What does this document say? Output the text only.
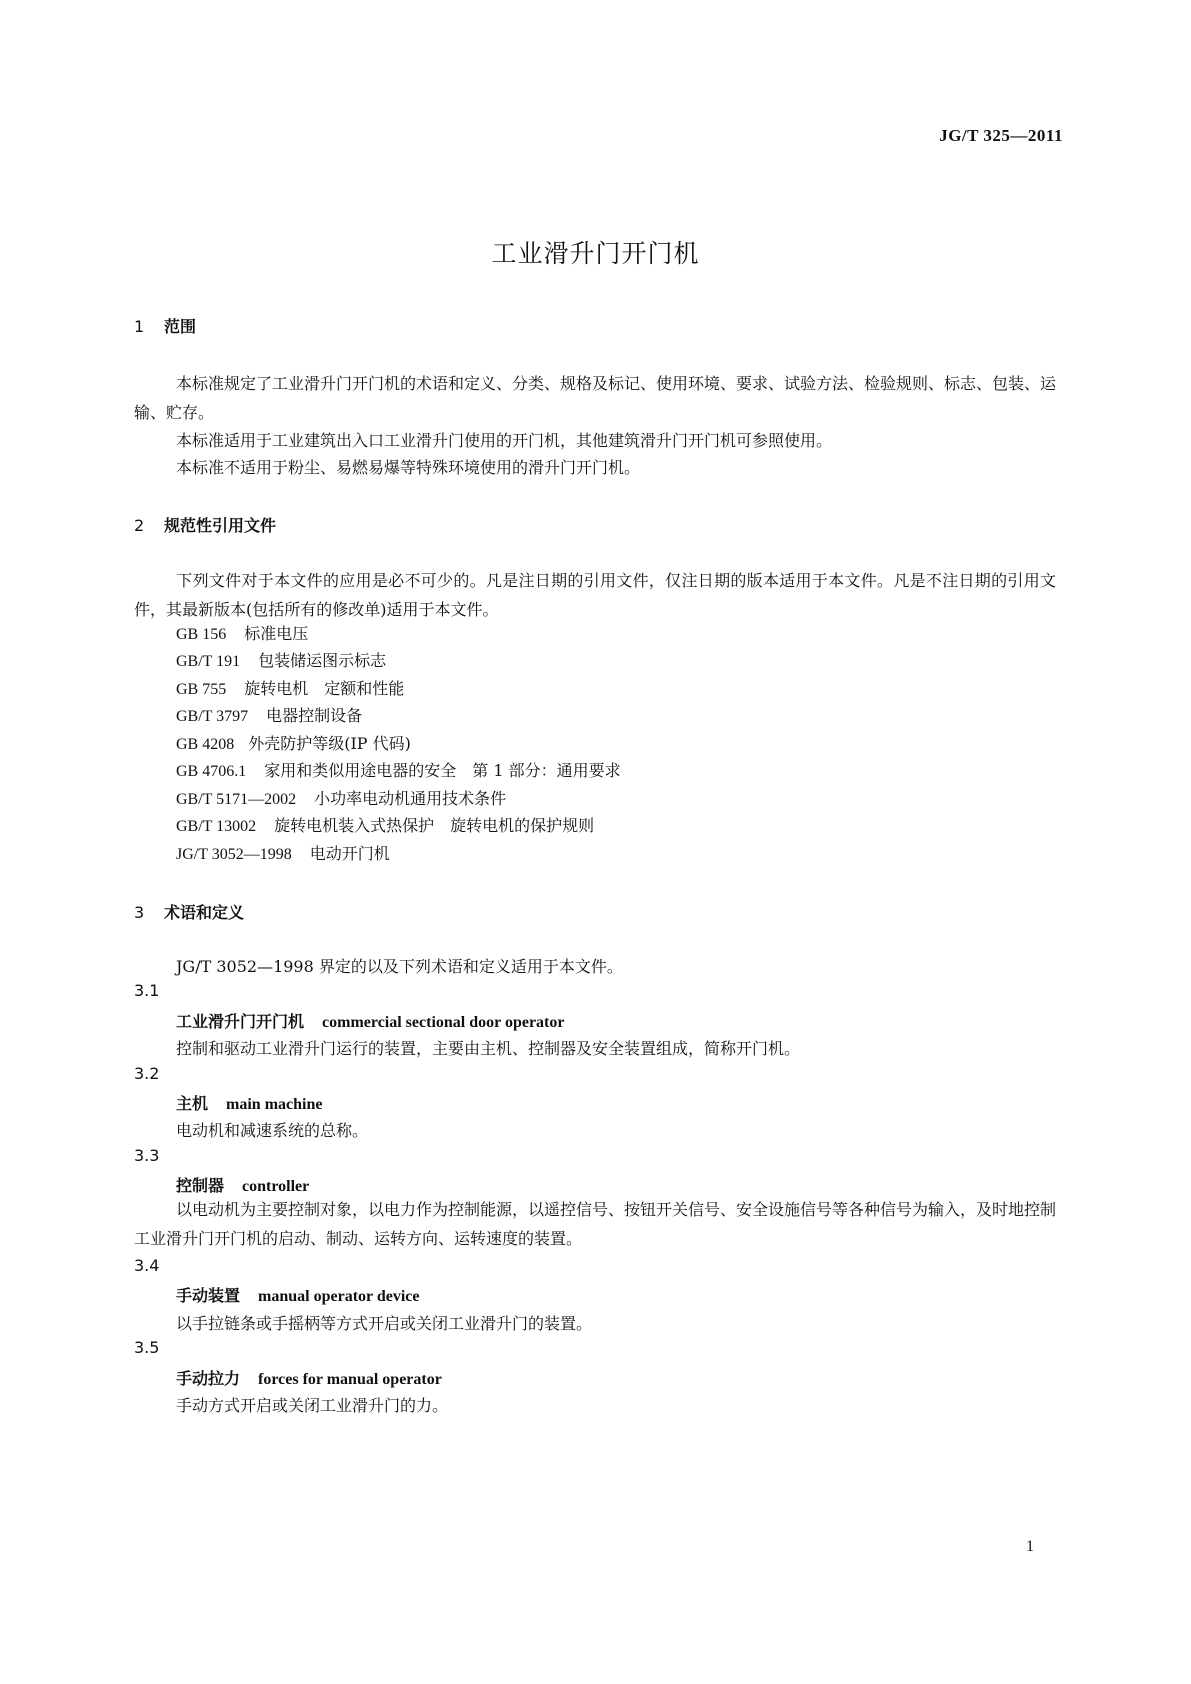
JG/T 325—2011
工业滑升门开门机
1 范围
本标准规定了工业滑升门开门机的术语和定义、分类、规格及标记、使用环境、要求、试验方法、检验规则、标志、包装、运输、贮存。
本标准适用于工业建筑出入口工业滑升门使用的开门机，其他建筑滑升门开门机可参照使用。
本标准不适用于粉尘、易燃易爆等特殊环境使用的滑升门开门机。
2 规范性引用文件
下列文件对于本文件的应用是必不可少的。凡是注日期的引用文件，仅注日期的版本适用于本文件。凡是不注日期的引用文件，其最新版本(包括所有的修改单)适用于本文件。
GB 156 标准电压
GB/T 191 包装储运图示标志
GB 755 旋转电机　定额和性能
GB/T 3797 电器控制设备
GB 4208 外壳防护等级(IP 代码)
GB 4706.1 家用和类似用途电器的安全　第 1 部分：通用要求
GB/T 5171—2002 小功率电动机通用技术条件
GB/T 13002 旋转电机装入式热保护　旋转电机的保护规则
JG/T 3052—1998 电动开门机
3 术语和定义
JG/T 3052—1998 界定的以及下列术语和定义适用于本文件。
3.1
工业滑升门开门机 commercial sectional door operator
控制和驱动工业滑升门运行的装置，主要由主机、控制器及安全装置组成，简称开门机。
3.2
主机 main machine
电动机和减速系统的总称。
3.3
控制器 controller
以电动机为主要控制对象，以电力作为控制能源，以遥控信号、按钮开关信号、安全设施信号等各种信号为输入，及时地控制工业滑升门开门机的启动、制动、运转方向、运转速度的装置。
3.4
手动装置 manual operator device
以手拉链条或手摇柄等方式开启或关闭工业滑升门的装置。
3.5
手动拉力 forces for manual operator
手动方式开启或关闭工业滑升门的力。
1
